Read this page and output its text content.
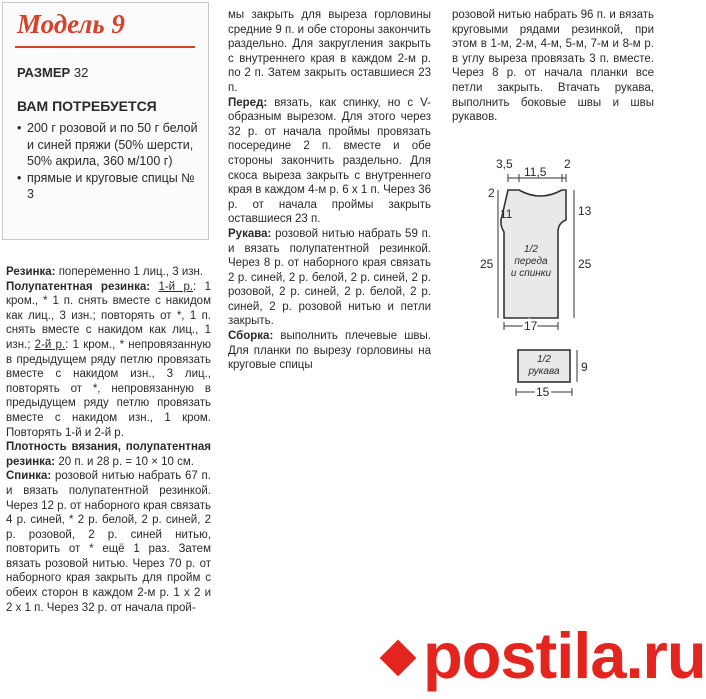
Модель 9
РАЗМЕР 32
ВАМ ПОТРЕБУЕТСЯ
• 200 г розовой и по 50 г белой и синей пряжи (50% шерсти, 50% акрила, 360 м/100 г)
• прямые и круговые спицы № 3

Резинка: попеременно 1 лиц., 3 изн.

Полупатентная резинка: 1-й р.: 1 кром., * 1 п. снять вместе с накидом как лиц., 3 изн.; повторять от *, 1 п. снять вместе с накидом как лиц., 1 изн.; 2-й р.: 1 кром., * непровязанную в предыдущем ряду петлю провязать вместе с накидом изн., 3 лиц., повторять от *, непровязанную в предыдущем ряду петлю провязать вместе с накидом изн., 1 кром. Повторять 1-й и 2-й р.

Плотность вязания, полупатентная резинка: 20 п. и 28 р. = 10 × 10 см.

Спинка: розовой нитью набрать 67 п. и вязать полупатентной резинкой. Через 12 р. от наборного края связать 4 р. синей, * 2 р. белой, 2 р. синей, 2 р. розовой, 2 р. синей нитью, повторить от * ещё 1 раз. Затем вязать розовой нитью. Через 70 р. от наборного края закрыть для пройм с обеих сторон в каждом 2-м р. 1 х 2 и 2 х 1 п. Через 32 р. от начала прой-

мы закрыть для выреза горловины средние 9 п. и обе стороны закончить раздельно. Для закругления закрыть с внутреннего края в каждом 2-м р. по 2 п. Затем закрыть оставшиеся 23 п.

Перед: вязать, как спинку, но с V-образным вырезом. Для этого через 32 р. от начала проймы провязать посередине 2 п. вместе и обе стороны закончить раздельно. Для скоса выреза закрыть с внутреннего края в каждом 4-м р. 6 х 1 п. Через 36 р. от начала проймы закрыть оставшиеся 23 п.

Рукава: розовой нитью набрать 59 п. и вязать полупатентной резинкой. Через 8 р. от наборного края связать 2 р. синей, 2 р. белой, 2 р. синей, 2 р. розовой, 2 р. синей, 2 р. белой, 2 р. синей, 2 р. розовой нитью и петли закрыть.

Сборка: выполнить плечевые швы. Для планки по вырезу горловины на круговые спицы

розовой нитью набрать 96 п. и вязать круговыми рядами резинкой, при этом в 1-м, 2-м, 4-м, 5-м, 7-м и 8-м р. в углу выреза провязать 3 п. вместе. Через 8 р. от начала планки все петли закрыть. Втачать рукава, выполнить боковые швы и швы рукавов.

1/2
переда
и спинки
3,5
11,5
2
2
11	13
25	25
17
1/2
рукава 9
15
postila.ru
